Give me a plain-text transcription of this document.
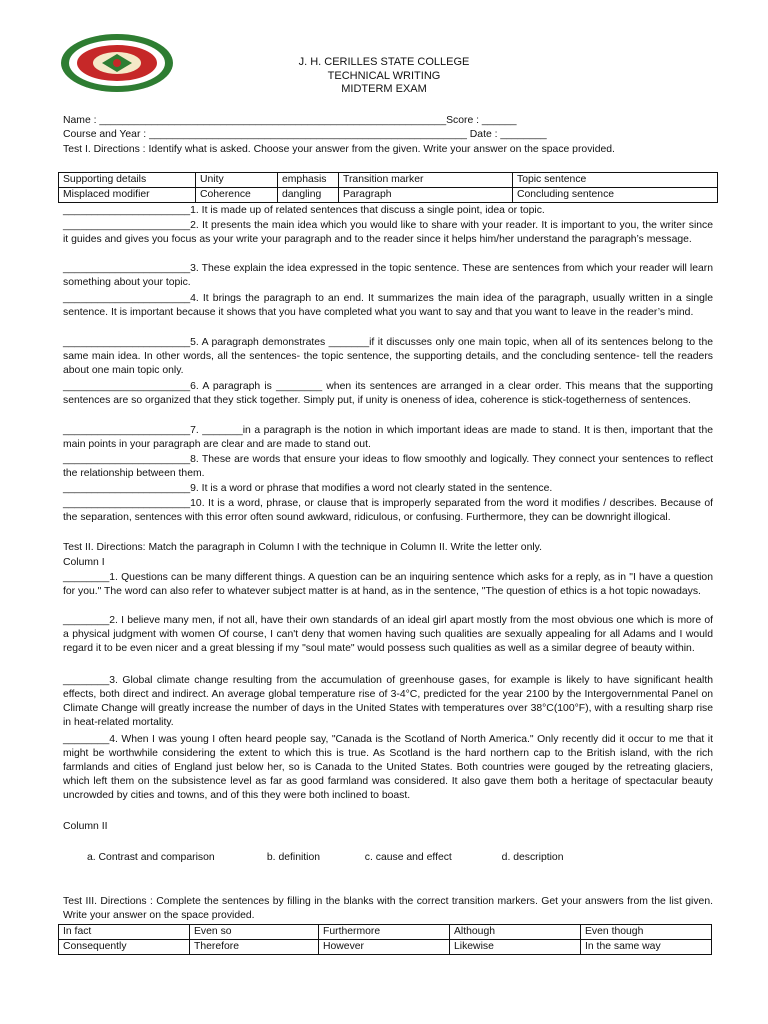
J. H. CERILLES STATE COLLEGE
TECHNICAL WRITING
MIDTERM EXAM
Name : ____________________________________________________________Score : ______
Course and Year : _______________________________________________________ Date : ________
Test I. Directions : Identify what is asked. Choose your answer from the given. Write your answer on the space provided.
Supporting details	Unity	emphasis	Transition marker	Topic sentence
Misplaced modifier	Coherence	dangling	Paragraph	Concluding sentence
______________________1. It is made up of related sentences that discuss a single point, idea or topic.
______________________2. It presents the main idea which you would like to share with your reader. It is important to you, the writer since it guides and gives you focus as your write your paragraph and to the reader since it helps him/her understand the paragraph’s message.
______________________3. These explain the idea expressed in the topic sentence. These are sentences from which your reader will learn something about your topic.
______________________4. It brings the paragraph to an end. It summarizes the main idea of the paragraph, usually written in a single sentence. It is important because it shows that you have completed what you want to say and that you want to leave in the reader’s mind.
______________________5. A paragraph demonstrates _______if it discusses only one main topic, when all of its sentences belong to the same main idea. In other words, all the sentences- the topic sentence, the supporting details, and the concluding sentence- tell the readers about one main topic only.
______________________6. A paragraph is ________ when its sentences are arranged in a clear order. This means that the supporting sentences are so organized that they stick together. Simply put, if unity is oneness of idea, coherence is stick-togetherness of sentences.
______________________7. _______in a paragraph is the notion in which important ideas are made to stand. It is then, important that the main points in your paragraph are clear and are made to stand out.
______________________8. These are words that ensure your ideas to flow smoothly and logically. They connect your sentences to reflect the relationship between them.
______________________9. It is a word or phrase that modifies a word not clearly stated in the sentence.
______________________10. It is a word, phrase, or clause that is improperly separated from the word it modifies / describes. Because of the separation, sentences with this error often sound awkward, ridiculous, or confusing. Furthermore, they can be downright illogical.
Test II. Directions: Match the paragraph in Column I with the technique in Column II. Write the letter only.
Column I
________1. Questions can be many different things. A question can be an inquiring sentence which asks for a reply, as in "I have a question for you." The word can also refer to whatever subject matter is at hand, as in the sentence, "The question of ethics is a hot topic nowadays.
________2. I believe many men, if not all, have their own standards of an ideal girl apart mostly from the most obvious one which is more of a physical judgment with women Of course, I can't deny that women having such qualities are sexually appealing for all Adams and I would regard it to be even nicer and a great blessing if my "soul mate" would possess such qualities as well as a similar degree of beauty within.
________3. Global climate change resulting from the accumulation of greenhouse gases, for example is likely to have significant health effects, both direct and indirect. An average global temperature rise of 3-4°C, predicted for the year 2100 by the Intergovernmental Panel on Climate Change will greatly increase the number of days in the United States with temperatures over 38°C(100°F), with a resulting sharp rise in heat-related mortality.
________4. When I was young I often heard people say, "Canada is the Scotland of North America." Only recently did it occur to me that it might be worthwhile considering the extent to which this is true. As Scotland is the hard northern cap to the British island, with the rich farmlands and cities of England just below her, so is Canada to the United States. Both countries were gouged by the retreating glaciers, which left them on the subsistence level as far as good farmland was considered. It also gave them both a heritage of spectacular beauty uncrowded by cities and towns, and of this they were both inclined to boast.
Column II
a. Contrast and comparison	b. definition	c. cause and effect	d. description
Test III. Directions : Complete the sentences by filling in the blanks with the correct transition markers. Get your answers from the list given. Write your answer on the space provided.
In fact	Even so	Furthermore	Although	Even though
Consequently	Therefore	However	Likewise	In the same way
